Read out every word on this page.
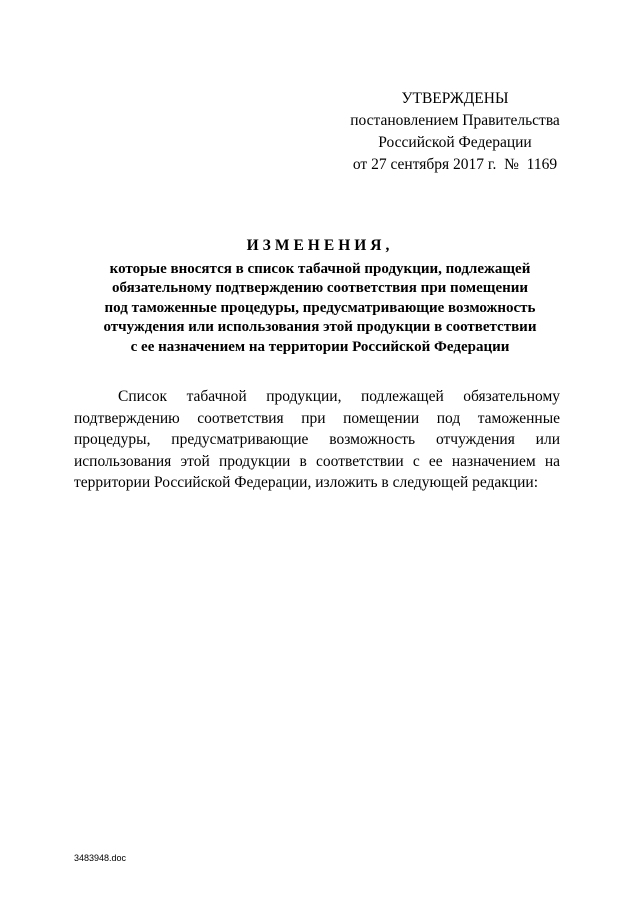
УТВЕРЖДЕНЫ
постановлением Правительства
Российской Федерации
от 27 сентября 2017 г.  №  1169
ИЗМЕНЕНИЯ,
которые вносятся в список табачной продукции, подлежащей
обязательному подтверждению соответствия при помещении
под таможенные процедуры, предусматривающие возможность
отчуждения или использования этой продукции в соответствии
с ее назначением на территории Российской Федерации
Список табачной продукции, подлежащей обязательному подтверждению соответствия при помещении под таможенные процедуры, предусматривающие возможность отчуждения или использования этой продукции в соответствии с ее назначением на территории Российской Федерации, изложить в следующей редакции:
3483948.doc
